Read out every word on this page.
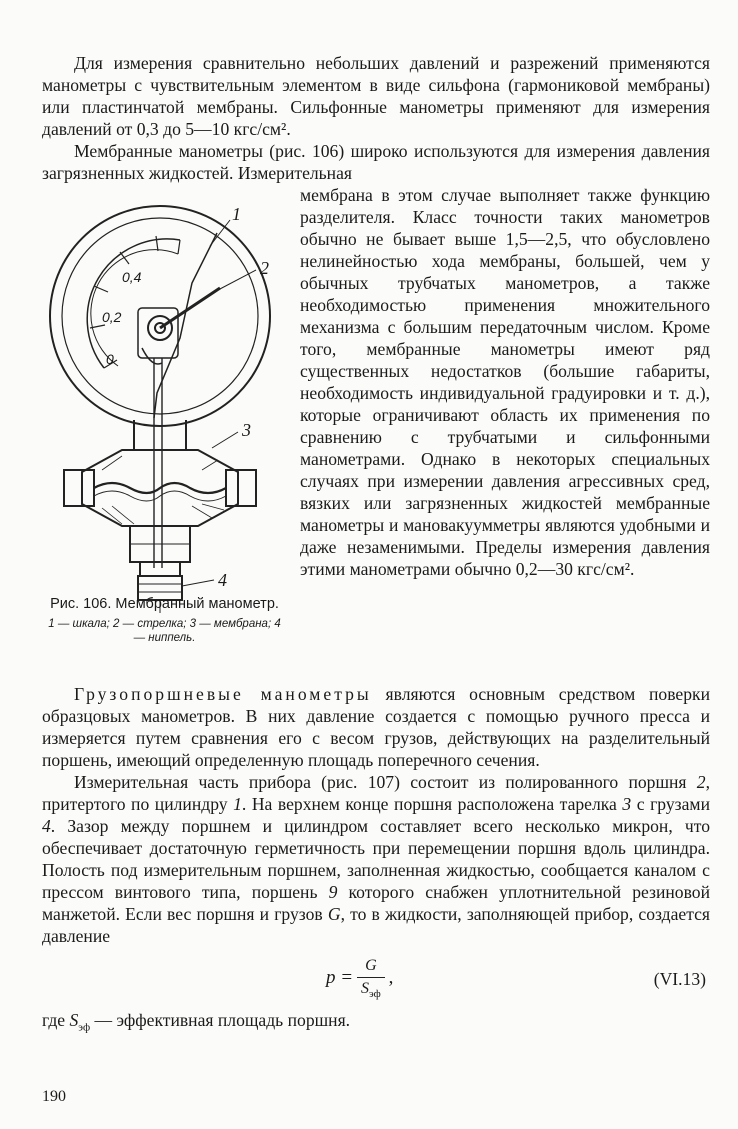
Для измерения сравнительно небольших давлений и разрежений применяются манометры с чувствительным элементом в виде сильфона (гармониковой мембраны) или пластинчатой мембраны. Сильфонные манометры применяют для измерения давлений от 0,3 до 5—10 кгс/см².

Мембранные манометры (рис. 106) широко используются для измерения давления загрязненных жидкостей. Измерительная

1
2
3
4
0,4
0,2
0

мембрана в этом случае выполняет также функцию разделителя. Класс точности таких манометров обычно не бывает выше 1,5—2,5, что обусловлено нелинейностью хода мембраны, большей, чем у обычных трубчатых манометров, а также необходимостью применения множительного механизма с большим передаточным числом. Кроме того, мембранные манометры имеют ряд существенных недостатков (большие габариты, необходимость индивидуальной градуировки и т. д.), которые ограничивают область их применения по сравнению с трубчатыми и сильфонными манометрами. Однако в некоторых специальных случаях при измерении давления агрессивных сред, вязких или загрязненных жидкостей мембранные манометры и мановакуумметры являются удобными и даже незаменимыми. Пределы измерения давления этими манометрами обычно 0,2—30 кгс/см².

Грузопоршневые манометры являются основным средством поверки образцовых манометров. В них давление создается с помощью ручного пресса и измеряется путем сравнения его с весом грузов, действующих на разделительный поршень, имеющий определенную площадь поперечного сечения.

Измерительная часть прибора (рис. 107) состоит из полированного поршня 2, притертого по цилиндру 1. На верхнем конце поршня расположена тарелка 3 с грузами 4. Зазор между поршнем и цилиндром составляет всего несколько микрон, что обеспечивает достаточную герметичность при перемещении поршня вдоль цилиндра. Полость под измерительным поршнем, заполненная жидкостью, сообщается каналом с прессом винтового типа, поршень 9 которого снабжен уплотнительной резиновой манжетой. Если вес поршня и грузов G, то в жидкости, заполняющей прибор, создается давление

$p = \frac{G}{S_{эф}}$ ,	(VI.13)

где $S_{эф}$ — эффективная площадь поршня.

Рис. 106. Мембранный манометр.
1 — шкала; 2 — стрелка; 3 — мембрана; 4 — ниппель.
190
